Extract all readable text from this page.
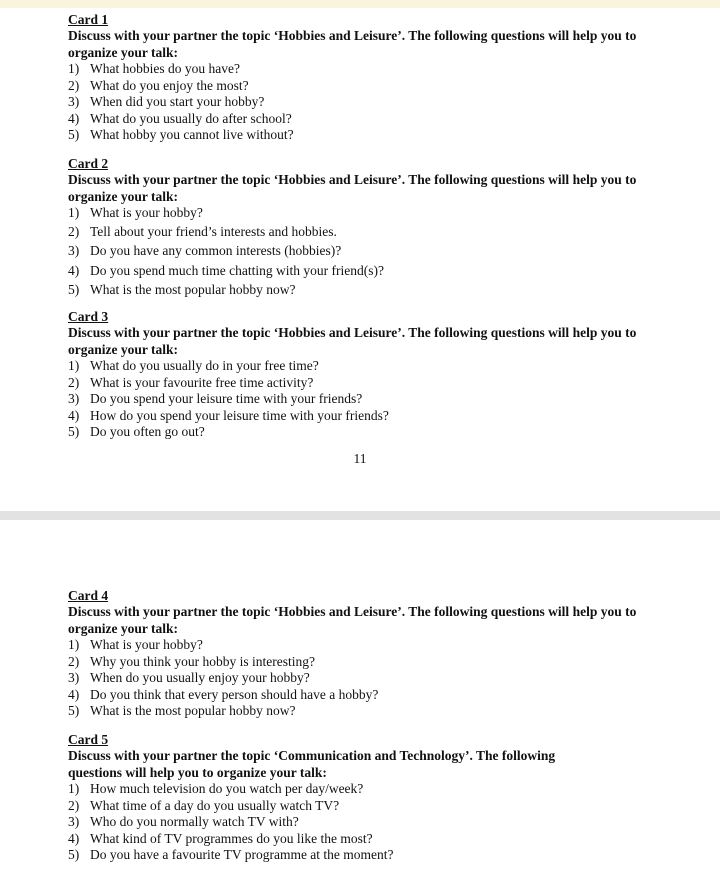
Card 1
Discuss with your partner the topic ‘Hobbies and Leisure’. The following questions will help you to organize your talk:
1) What hobbies do you have?
2) What do you enjoy the most?
3) When did you start your hobby?
4) What do you usually do after school?
5) What hobby you cannot live without?
Card 2
Discuss with your partner the topic ‘Hobbies and Leisure’. The following questions will help you to organize your talk:
1) What is your hobby?
2) Tell about your friend’s interests and hobbies.
3) Do you have any common interests (hobbies)?
4) Do you spend much time chatting with your friend(s)?
5) What is the most popular hobby now?
Card 3
Discuss with your partner the topic ‘Hobbies and Leisure’. The following questions will help you to organize your talk:
1) What do you usually do in your free time?
2) What is your favourite free time activity?
3) Do you spend your leisure time with your friends?
4) How do you spend your leisure time with your friends?
5) Do you often go out?
11
Card 4
Discuss with your partner the topic ‘Hobbies and Leisure’. The following questions will help you to organize your talk:
1) What is your hobby?
2) Why you think your hobby is interesting?
3) When do you usually enjoy your hobby?
4) Do you think that every person should have a hobby?
5) What is the most popular hobby now?
Card 5
Discuss with your partner the topic ‘Communication and Technology’. The following questions will help you to organize your talk:
1) How much television do you watch per day/week?
2) What time of a day do you usually watch TV?
3) Who do you normally watch TV with?
4) What kind of TV programmes do you like the most?
5) Do you have a favourite TV programme at the moment?
